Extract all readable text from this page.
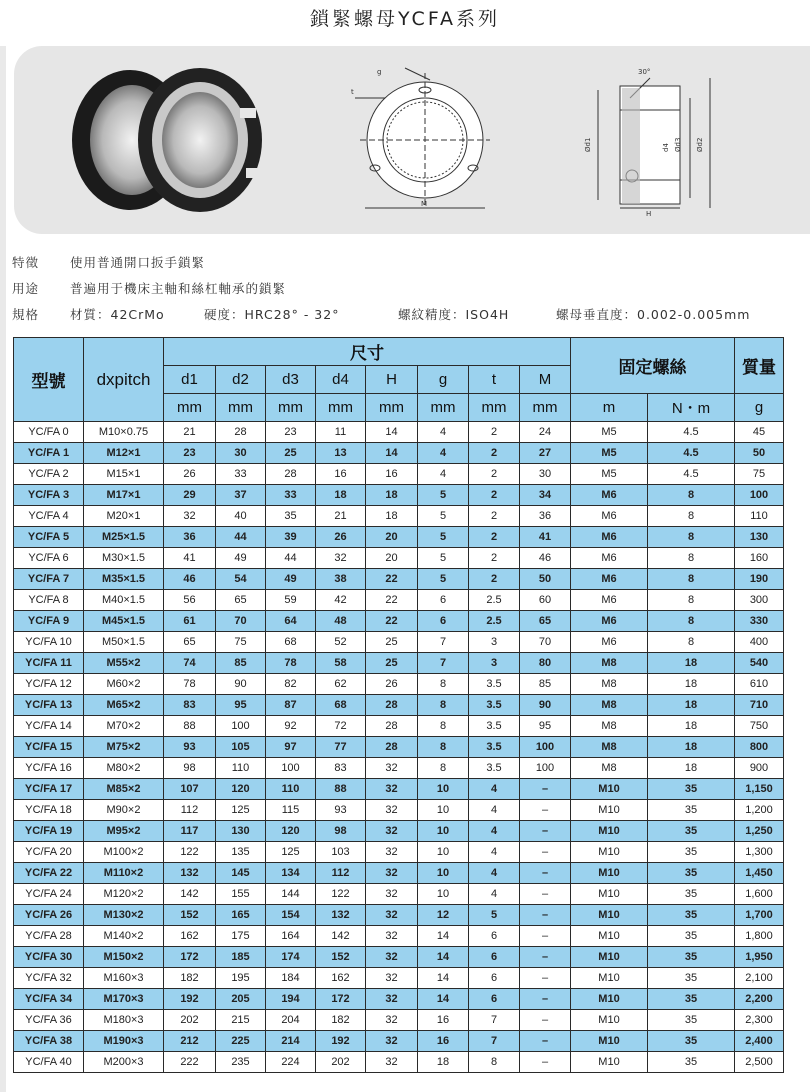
鎖緊螺母YCFA系列
g
t
M
30°
Ød1	Ød2
Ød3
d4
H
特徵 使用普通開口扳手鎖緊
用途 普遍用于機床主軸和絲杠軸承的鎖緊
規格 材質：42CrMo	硬度：HRC28° - 32°	螺紋精度：ISO4H	螺母垂直度：0.002-0.005mm
型號	dxpitch	尺寸								固定螺絲		質量
		d1	d2	d3	d4	H	g	t	M			
		mm	mm	mm	mm	mm	mm	mm	mm	m	N・m	g
YC/FA 0	M10×0.75	21	28	23	11	14	4	2	24	M5	4.5	45
YC/FA 1	M12×1	23	30	25	13	14	4	2	27	M5	4.5	50
YC/FA 2	M15×1	26	33	28	16	16	4	2	30	M5	4.5	75
YC/FA 3	M17×1	29	37	33	18	18	5	2	34	M6	8	100
YC/FA 4	M20×1	32	40	35	21	18	5	2	36	M6	8	110
YC/FA 5	M25×1.5	36	44	39	26	20	5	2	41	M6	8	130
YC/FA 6	M30×1.5	41	49	44	32	20	5	2	46	M6	8	160
YC/FA 7	M35×1.5	46	54	49	38	22	5	2	50	M6	8	190
YC/FA 8	M40×1.5	56	65	59	42	22	6	2.5	60	M6	8	300
YC/FA 9	M45×1.5	61	70	64	48	22	6	2.5	65	M6	8	330
YC/FA 10	M50×1.5	65	75	68	52	25	7	3	70	M6	8	400
YC/FA 11	M55×2	74	85	78	58	25	7	3	80	M8	18	540
YC/FA 12	M60×2	78	90	82	62	26	8	3.5	85	M8	18	610
YC/FA 13	M65×2	83	95	87	68	28	8	3.5	90	M8	18	710
YC/FA 14	M70×2	88	100	92	72	28	8	3.5	95	M8	18	750
YC/FA 15	M75×2	93	105	97	77	28	8	3.5	100	M8	18	800
YC/FA 16	M80×2	98	110	100	83	32	8	3.5	100	M8	18	900
YC/FA 17	M85×2	107	120	110	88	32	10	4	–	M10	35	1,150
YC/FA 18	M90×2	112	125	115	93	32	10	4	–	M10	35	1,200
YC/FA 19	M95×2	117	130	120	98	32	10	4	–	M10	35	1,250
YC/FA 20	M100×2	122	135	125	103	32	10	4	–	M10	35	1,300
YC/FA 22	M110×2	132	145	134	112	32	10	4	–	M10	35	1,450
YC/FA 24	M120×2	142	155	144	122	32	10	4	–	M10	35	1,600
YC/FA 26	M130×2	152	165	154	132	32	12	5	–	M10	35	1,700
YC/FA 28	M140×2	162	175	164	142	32	14	6	–	M10	35	1,800
YC/FA 30	M150×2	172	185	174	152	32	14	6	–	M10	35	1,950
YC/FA 32	M160×3	182	195	184	162	32	14	6	–	M10	35	2,100
YC/FA 34	M170×3	192	205	194	172	32	14	6	–	M10	35	2,200
YC/FA 36	M180×3	202	215	204	182	32	16	7	–	M10	35	2,300
YC/FA 38	M190×3	212	225	214	192	32	16	7	–	M10	35	2,400
YC/FA 40	M200×3	222	235	224	202	32	18	8	–	M10	35	2,500
